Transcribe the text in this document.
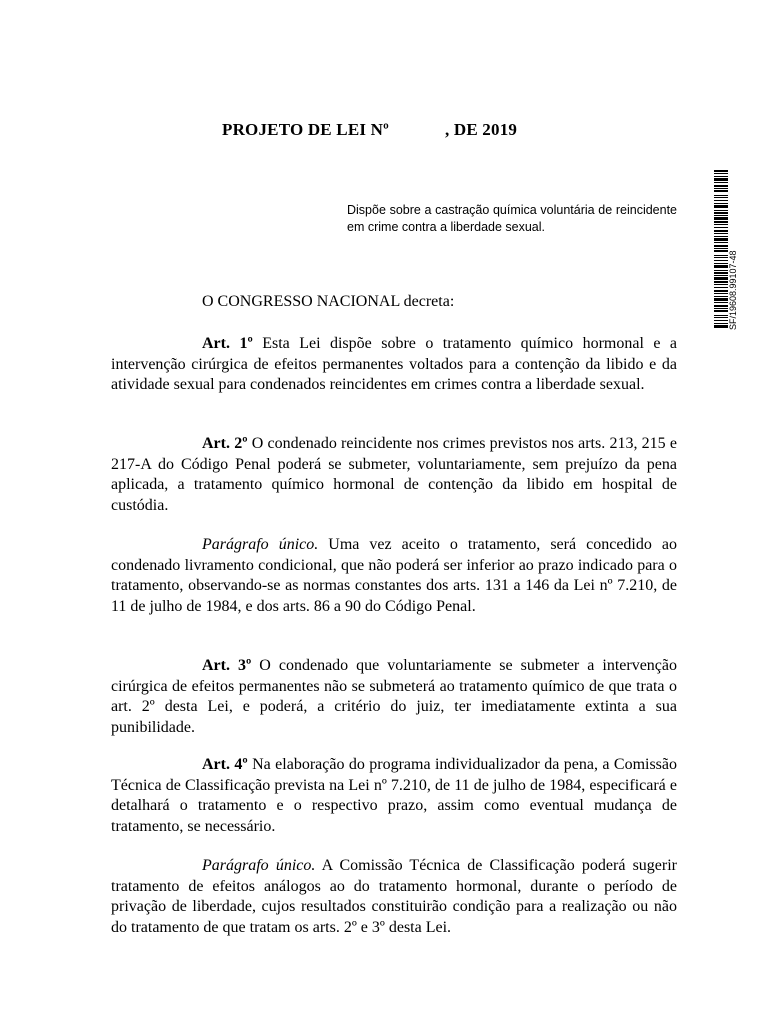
PROJETO DE LEI Nº	, DE 2019
SF/19608.99107-48
Dispõe sobre a castração química voluntária de reincidente em crime contra a liberdade sexual.
O CONGRESSO NACIONAL decreta:

Art. 1º Esta Lei dispõe sobre o tratamento químico hormonal e a intervenção cirúrgica de efeitos permanentes voltados para a contenção da libido e da atividade sexual para condenados reincidentes em crimes contra a liberdade sexual.

Art. 2º O condenado reincidente nos crimes previstos nos arts. 213, 215 e 217-A do Código Penal poderá se submeter, voluntariamente, sem prejuízo da pena aplicada, a tratamento químico hormonal de contenção da libido em hospital de custódia.

Parágrafo único. Uma vez aceito o tratamento, será concedido ao condenado livramento condicional, que não poderá ser inferior ao prazo indicado para o tratamento, observando-se as normas constantes dos arts. 131 a 146 da Lei nº 7.210, de 11 de julho de 1984, e dos arts. 86 a 90 do Código Penal.

Art. 3º O condenado que voluntariamente se submeter a intervenção cirúrgica de efeitos permanentes não se submeterá ao tratamento químico de que trata o art. 2º desta Lei, e poderá, a critério do juiz, ter imediatamente extinta a sua punibilidade.

Art. 4º Na elaboração do programa individualizador da pena, a Comissão Técnica de Classificação prevista na Lei nº 7.210, de 11 de julho de 1984, especificará e detalhará o tratamento e o respectivo prazo, assim como eventual mudança de tratamento, se necessário.

Parágrafo único. A Comissão Técnica de Classificação poderá sugerir tratamento de efeitos análogos ao do tratamento hormonal, durante o período de privação de liberdade, cujos resultados constituirão condição para a realização ou não do tratamento de que tratam os arts. 2º e 3º desta Lei.
